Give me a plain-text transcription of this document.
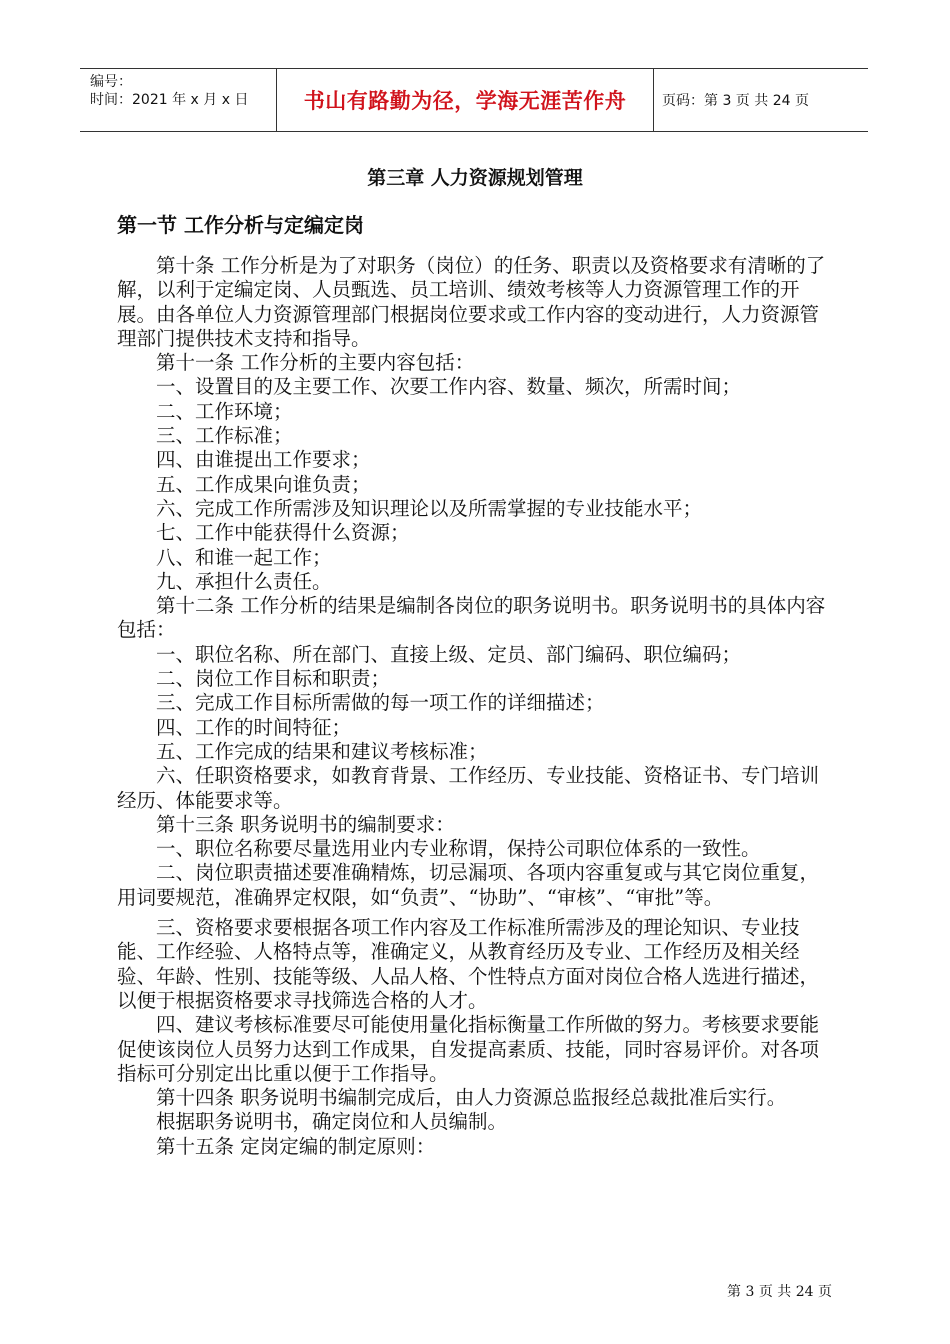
编号：
时间：2021 年 x 月 x 日	书山有路勤为径，学海无涯苦作舟	页码：第 3 页 共 24 页
第三章 人力资源规划管理
第一节 工作分析与定编定岗

第十条 工作分析是为了对职务（岗位）的任务、职责以及资格要求有清晰的了解，以利于定编定岗、人员甄选、员工培训、绩效考核等人力资源管理工作的开展。由各单位人力资源管理部门根据岗位要求或工作内容的变动进行，人力资源管理部门提供技术支持和指导。

第十一条 工作分析的主要内容包括：

一、设置目的及主要工作、次要工作内容、数量、频次，所需时间；

二、工作环境；

三、工作标准；

四、由谁提出工作要求；

五、工作成果向谁负责；

六、完成工作所需涉及知识理论以及所需掌握的专业技能水平；

七、工作中能获得什么资源；

八、和谁一起工作；

九、承担什么责任。

第十二条 工作分析的结果是编制各岗位的职务说明书。职务说明书的具体内容包括：

一、职位名称、所在部门、直接上级、定员、部门编码、职位编码；

二、岗位工作目标和职责；

三、完成工作目标所需做的每一项工作的详细描述；

四、工作的时间特征；

五、工作完成的结果和建议考核标准；

六、任职资格要求，如教育背景、工作经历、专业技能、资格证书、专门培训经历、体能要求等。

第十三条 职务说明书的编制要求：

一、职位名称要尽量选用业内专业称谓，保持公司职位体系的一致性。

二、岗位职责描述要准确精炼，切忌漏项、各项内容重复或与其它岗位重复，用词要规范，准确界定权限，如“负责”、“协助”、“审核”、“审批”等。

三、资格要求要根据各项工作内容及工作标准所需涉及的理论知识、专业技能、工作经验、人格特点等，准确定义，从教育经历及专业、工作经历及相关经验、年龄、性别、技能等级、人品人格、个性特点方面对岗位合格人选进行描述，以便于根据资格要求寻找筛选合格的人才。

四、建议考核标准要尽可能使用量化指标衡量工作所做的努力。考核要求要能促使该岗位人员努力达到工作成果，自发提高素质、技能，同时容易评价。对各项指标可分别定出比重以便于工作指导。

第十四条 职务说明书编制完成后，由人力资源总监报经总裁批准后实行。

根据职务说明书，确定岗位和人员编制。

第十五条 定岗定编的制定原则：

第 3 页 共 24 页
